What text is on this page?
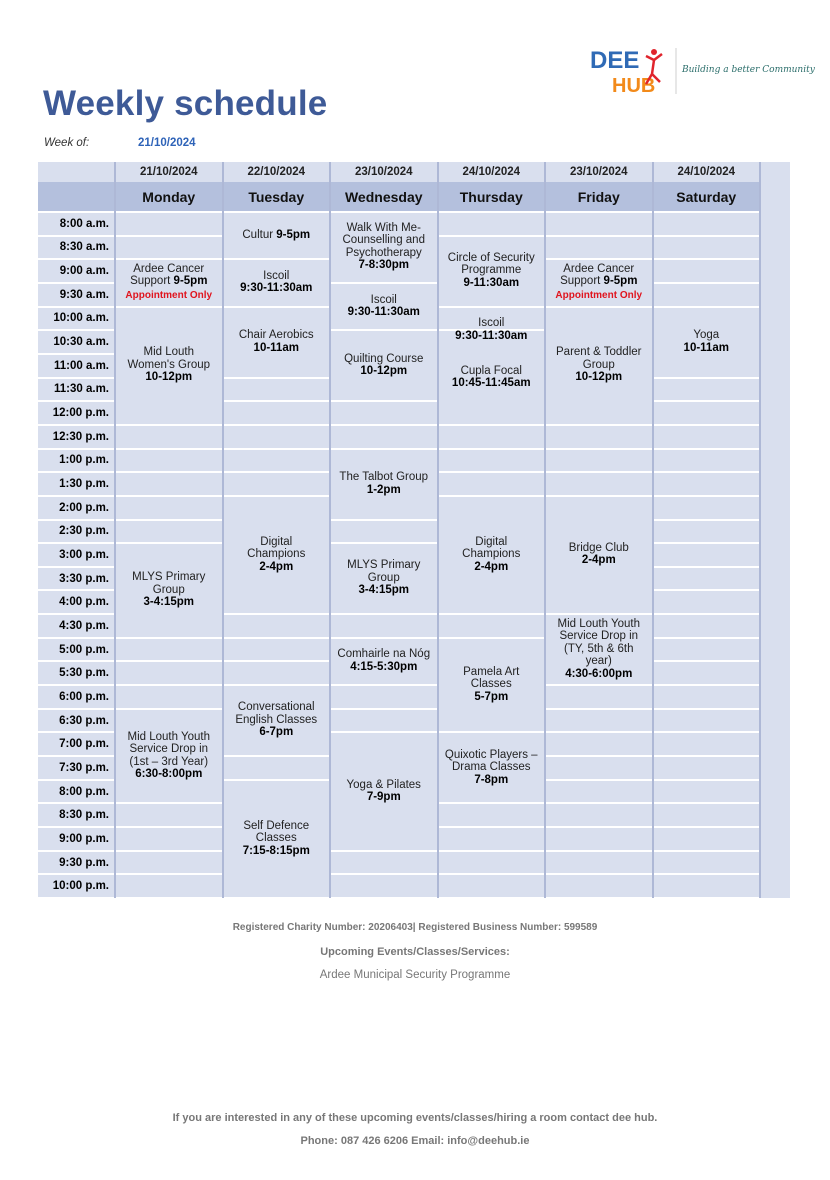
Weekly schedule
Week of:	21/10/2024
DEE
HUB
Building a better Community
21/10/2024
Monday
22/10/2024
Tuesday
23/10/2024
Wednesday
24/10/2024
Thursday
23/10/2024
Friday
24/10/2024
Saturday
8:00 a.m.
8:30 a.m.
9:00 a.m.
9:30 a.m.
10:00 a.m.
10:30 a.m.
11:00 a.m.
11:30 a.m.
12:00 p.m.
12:30 p.m.
1:00 p.m.
1:30 p.m.
2:00 p.m.
2:30 p.m.
3:00 p.m.
3:30 p.m.
4:00 p.m.
4:30 p.m.
5:00 p.m.
5:30 p.m.
6:00 p.m.
6:30 p.m.
7:00 p.m.
7:30 p.m.
8:00 p.m.
8:30 p.m.
9:00 p.m.
9:30 p.m.
10:00 p.m.
Ardee Cancer
Support 9-5pm
Appointment Only
Mid Louth
Women's Group
10-12pm
MLYS Primary
Group
3-4:15pm
Mid Louth Youth
Service Drop in
(1st – 3rd Year)
6:30-8:00pm
Cultur 9-5pm
Iscoil
9:30-11:30am
Chair Aerobics
10-11am
Digital
Champions
2-4pm
Conversational
English Classes
6-7pm
Self Defence
Classes
7:15-8:15pm
Walk With Me-
Counselling and
Psychotherapy
7-8:30pm
Iscoil
9:30-11:30am
Quilting Course
10-12pm
The Talbot Group
1-2pm
MLYS Primary Group
3-4:15pm
Comhairle na Nóg
4:15-5:30pm
Yoga & Pilates
7-9pm
Circle of Security
Programme
9-11:30am
Iscoil
9:30-11:30am
Cupla Focal
10:45-11:45am
Digital
Champions
2-4pm
Pamela Art
Classes
5-7pm
Quixotic Players –
Drama Classes
7-8pm
Ardee Cancer
Support 9-5pm
Appointment Only
Parent & Toddler
Group
10-12pm
Bridge Club
2-4pm
Mid Louth Youth
Service Drop in
(TY, 5th & 6th year)
4:30-6:00pm
Yoga
10-11am
Registered Charity Number: 20206403| Registered Business Number: 599589
Upcoming Events/Classes/Services:
Ardee Municipal Security Programme
If you are interested in any of these upcoming events/classes/hiring a room contact dee hub.
Phone: 087 426 6206 Email: info@deehub.ie
